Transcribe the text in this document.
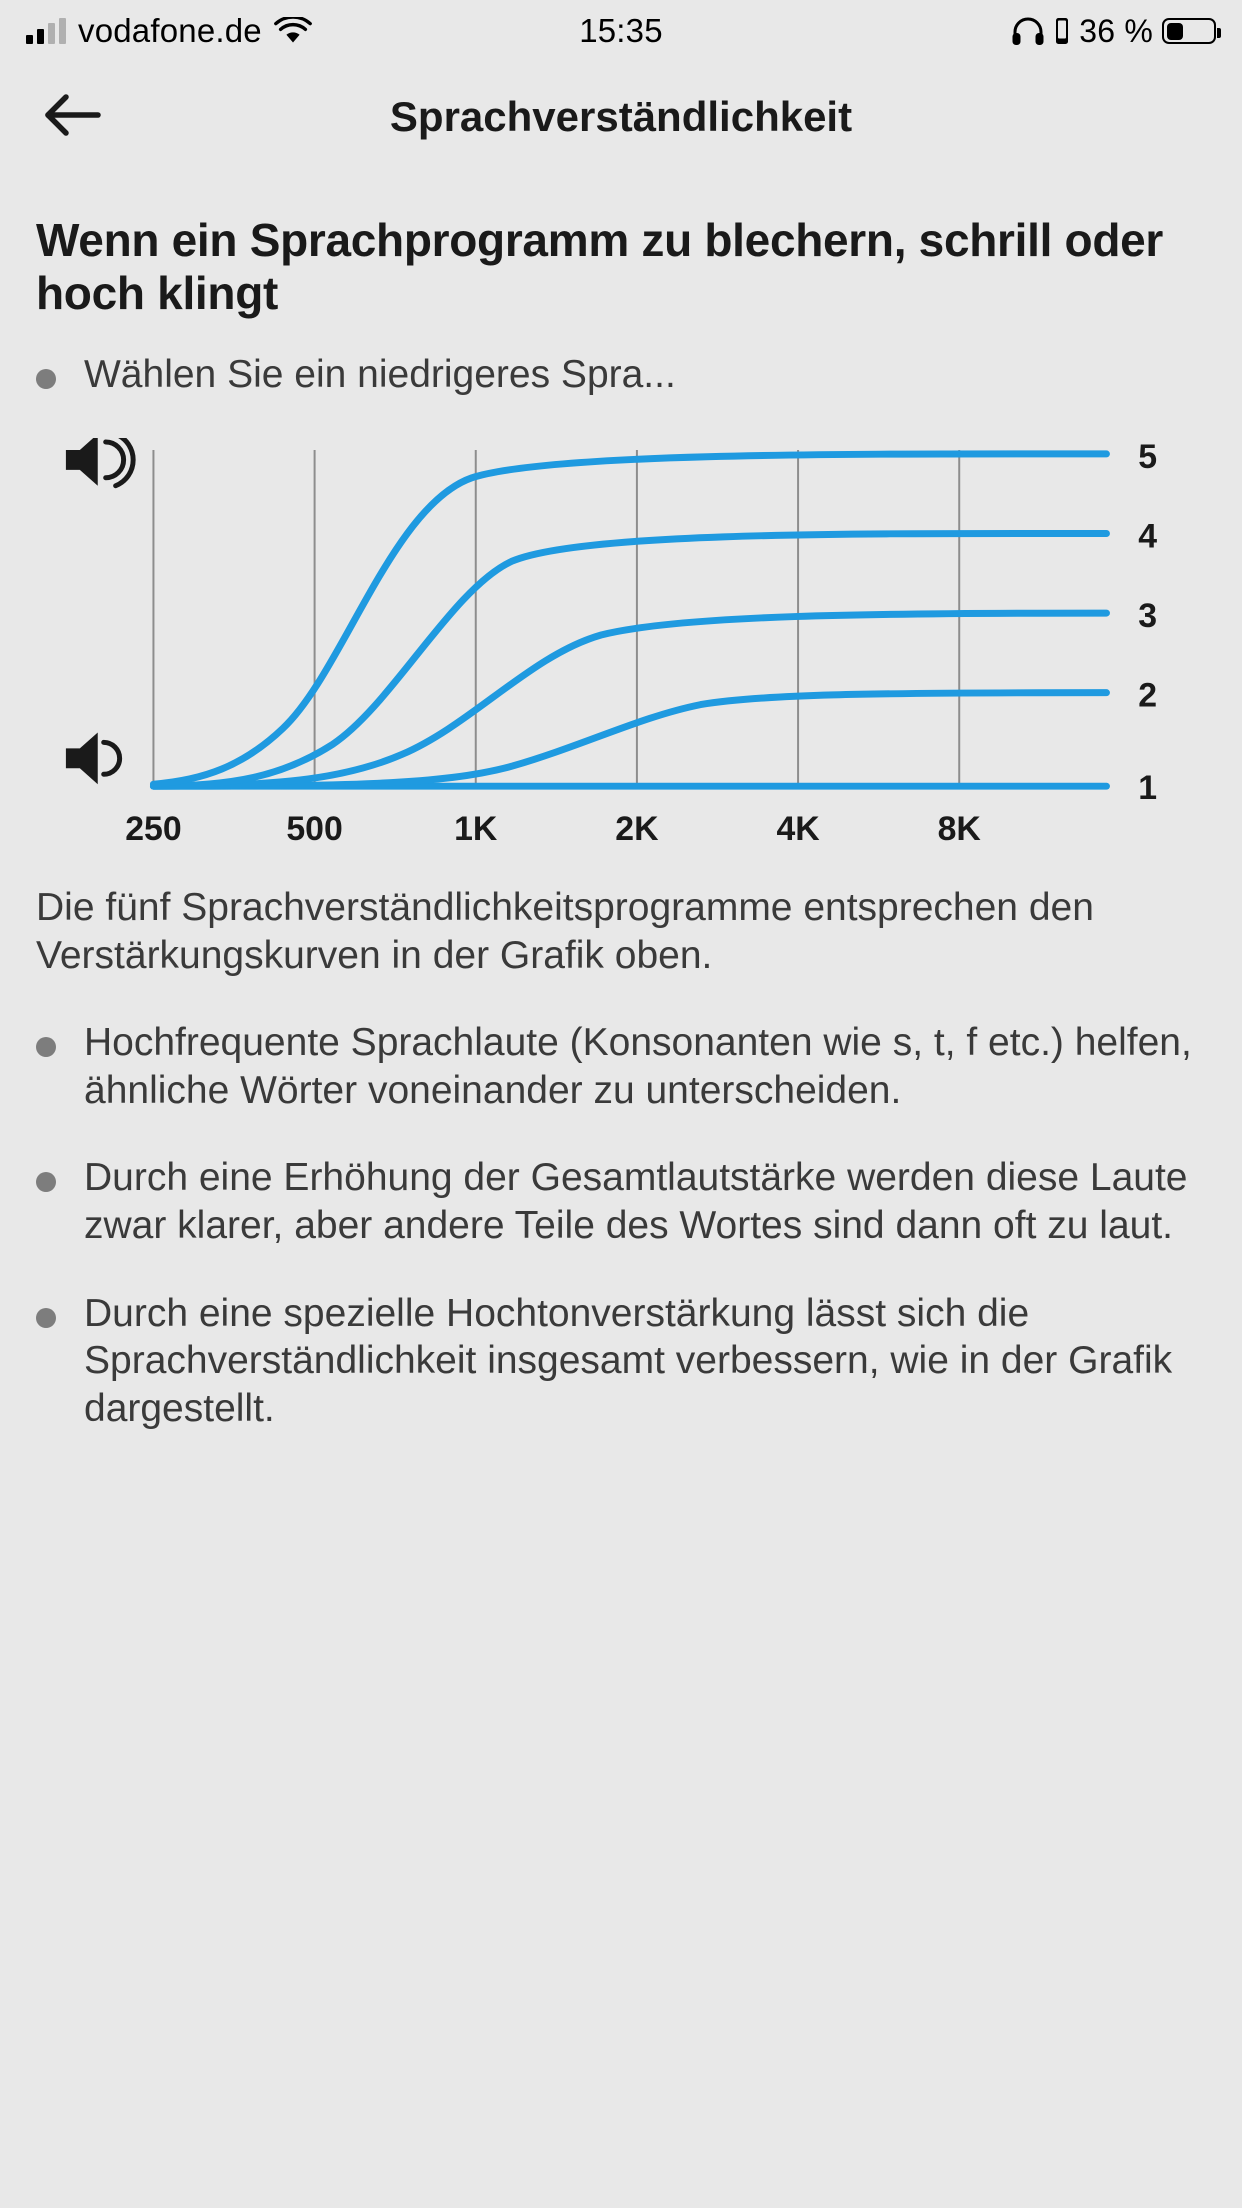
vodafone.de	15:35	36 %
Sprachverständlichkeit
Wenn ein Sprachprogramm zu blechern, schrill oder hoch klingt
Wählen Sie ein niedrigeres Spra...
5
4
3
2
1
250	500	1K	2K	4K	8K
Die fünf Sprachverständlichkeitsprogramme entsprechen den Verstärkungskurven in der Grafik oben.
Hochfrequente Sprachlaute (Konsonanten wie s, t, f etc.) helfen, ähnliche Wörter voneinander zu unterscheiden.
Durch eine Erhöhung der Gesamtlautstärke werden diese Laute zwar klarer, aber andere Teile des Wortes sind dann oft zu laut.
Durch eine spezielle Hochtonverstärkung lässt sich die Sprachverständlichkeit insgesamt verbessern, wie in der Grafik dargestellt.
